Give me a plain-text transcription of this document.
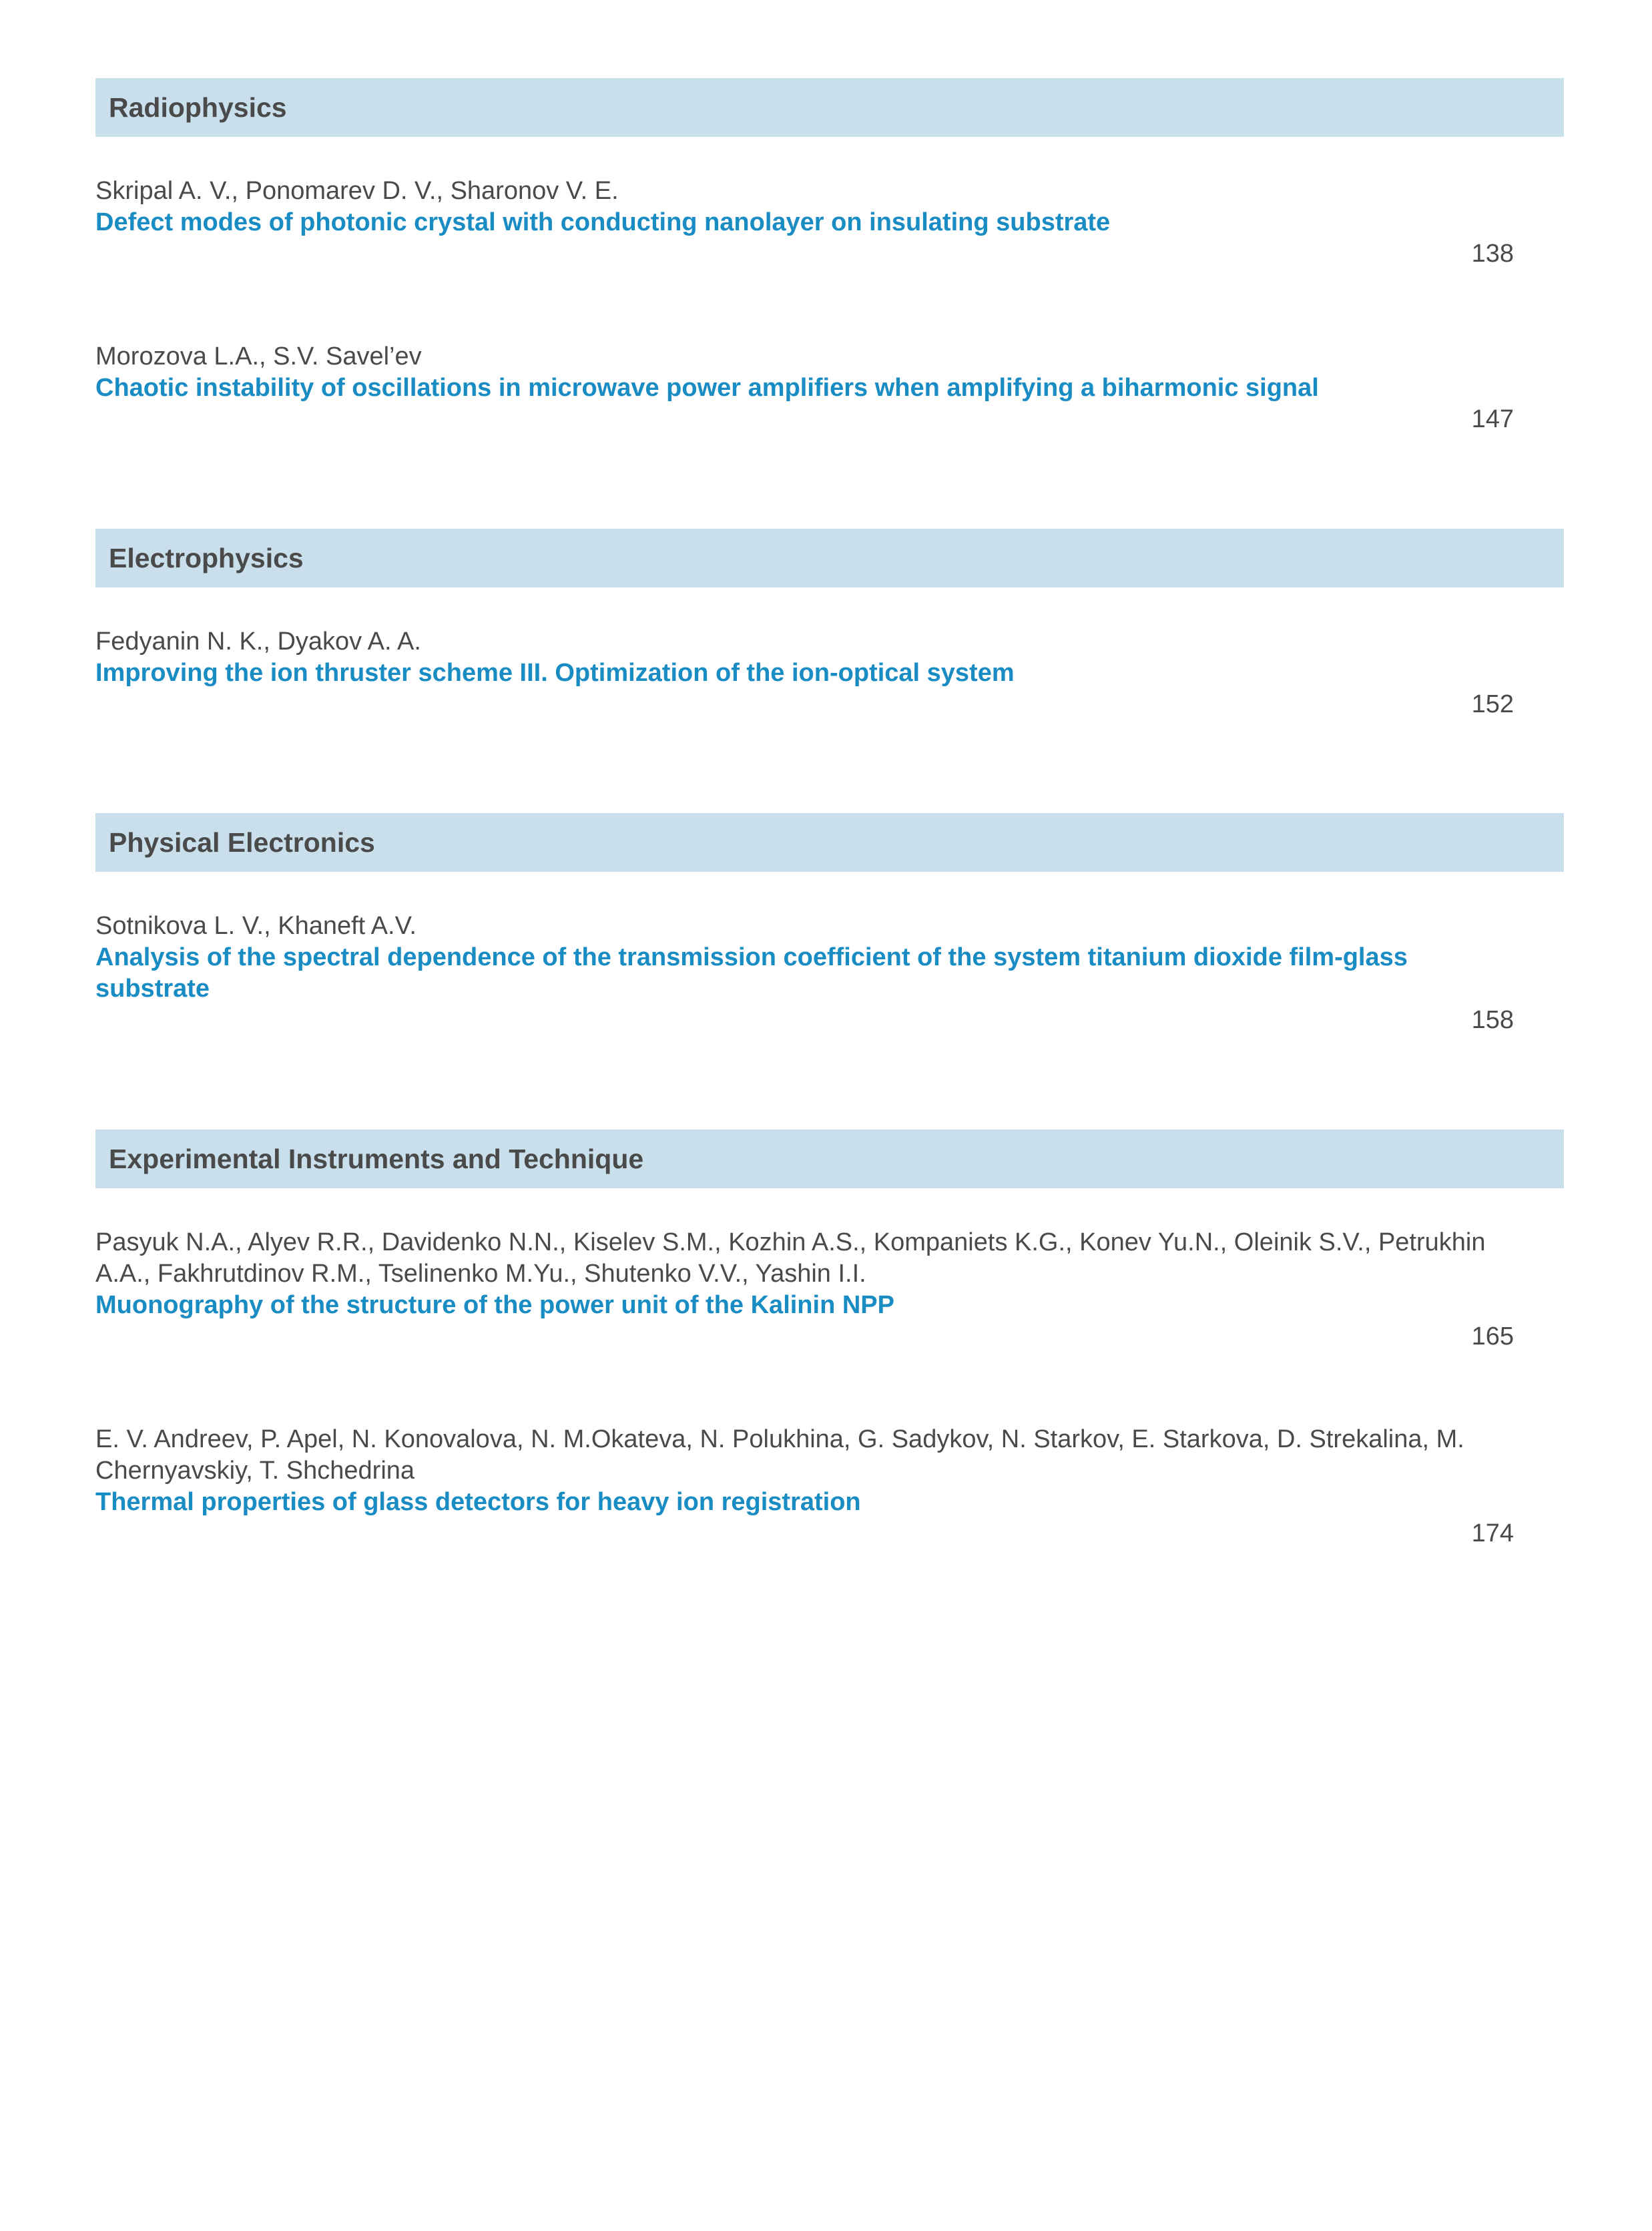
Radiophysics
Skripal A. V., Ponomarev D. V., Sharonov V. E.
Defect modes of photonic crystal with conducting nanolayer on insulating substrate
138
Morozova L.A., S.V. Savel’ev
Chaotic instability of oscillations in microwave power amplifiers when amplifying a biharmonic signal
147
Electrophysics
Fedyanin N. K., Dyakov A. A.
Improving the ion thruster scheme III. Optimization of the ion-optical system
152
Physical Electronics
Sotnikova L. V., Khaneft A.V.
Analysis of the spectral dependence of the transmission coefficient of the system titanium dioxide film-glass substrate
158
Experimental Instruments and Technique
Pasyuk N.A., Alyev R.R., Davidenko N.N., Kiselev S.M., Kozhin A.S., Kompaniets K.G., Konev Yu.N., Oleinik S.V., Petrukhin A.A., Fakhrutdinov R.M., Tselinenko M.Yu., Shutenko V.V., Yashin I.I.
Muonography of the structure of the power unit of the Kalinin NPP
165
E. V. Andreev, P. Apel, N. Konovalova, N. M.Okateva, N. Polukhina, G. Sadykov, N. Starkov, E. Starkova, D. Strekalina, M. Chernyavskiy, T. Shchedrina
Thermal properties of glass detectors for heavy ion registration
174
